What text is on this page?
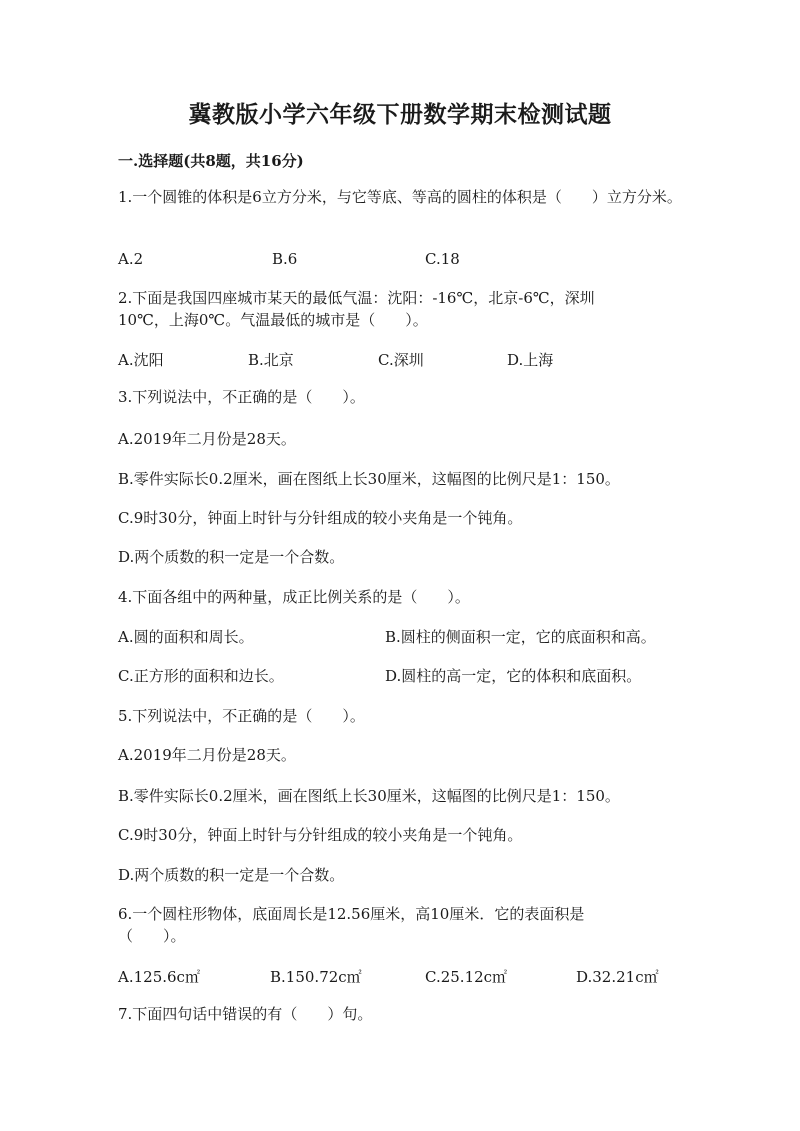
冀教版小学六年级下册数学期末检测试题
一.选择题(共8题，共16分)
1.一个圆锥的体积是6立方分米，与它等底、等高的圆柱的体积是（　　）立方分米。
A.2	B.6	C.18
2.下面是我国四座城市某天的最低气温：沈阳：-16℃，北京-6℃，深圳10℃，上海0℃。气温最低的城市是（　　）。
A.沈阳	B.北京	C.深圳	D.上海
3.下列说法中，不正确的是（　　）。
A.2019年二月份是28天。
B.零件实际长0.2厘米，画在图纸上长30厘米，这幅图的比例尺是1：150。
C.9时30分，钟面上时针与分针组成的较小夹角是一个钝角。
D.两个质数的积一定是一个合数。
4.下面各组中的两种量，成正比例关系的是（　　）。
A.圆的面积和周长。	B.圆柱的侧面积一定，它的底面积和高。
C.正方形的面积和边长。	D.圆柱的高一定，它的体积和底面积。
5.下列说法中，不正确的是（　　）。
A.2019年二月份是28天。
B.零件实际长0.2厘米，画在图纸上长30厘米，这幅图的比例尺是1：150。
C.9时30分，钟面上时针与分针组成的较小夹角是一个钝角。
D.两个质数的积一定是一个合数。
6.一个圆柱形物体，底面周长是12.56厘米，高10厘米．它的表面积是（　　）。
A.125.6c㎡	B.150.72c㎡	C.25.12c㎡	D.32.21c㎡
7.下面四句话中错误的有（　　）句。
